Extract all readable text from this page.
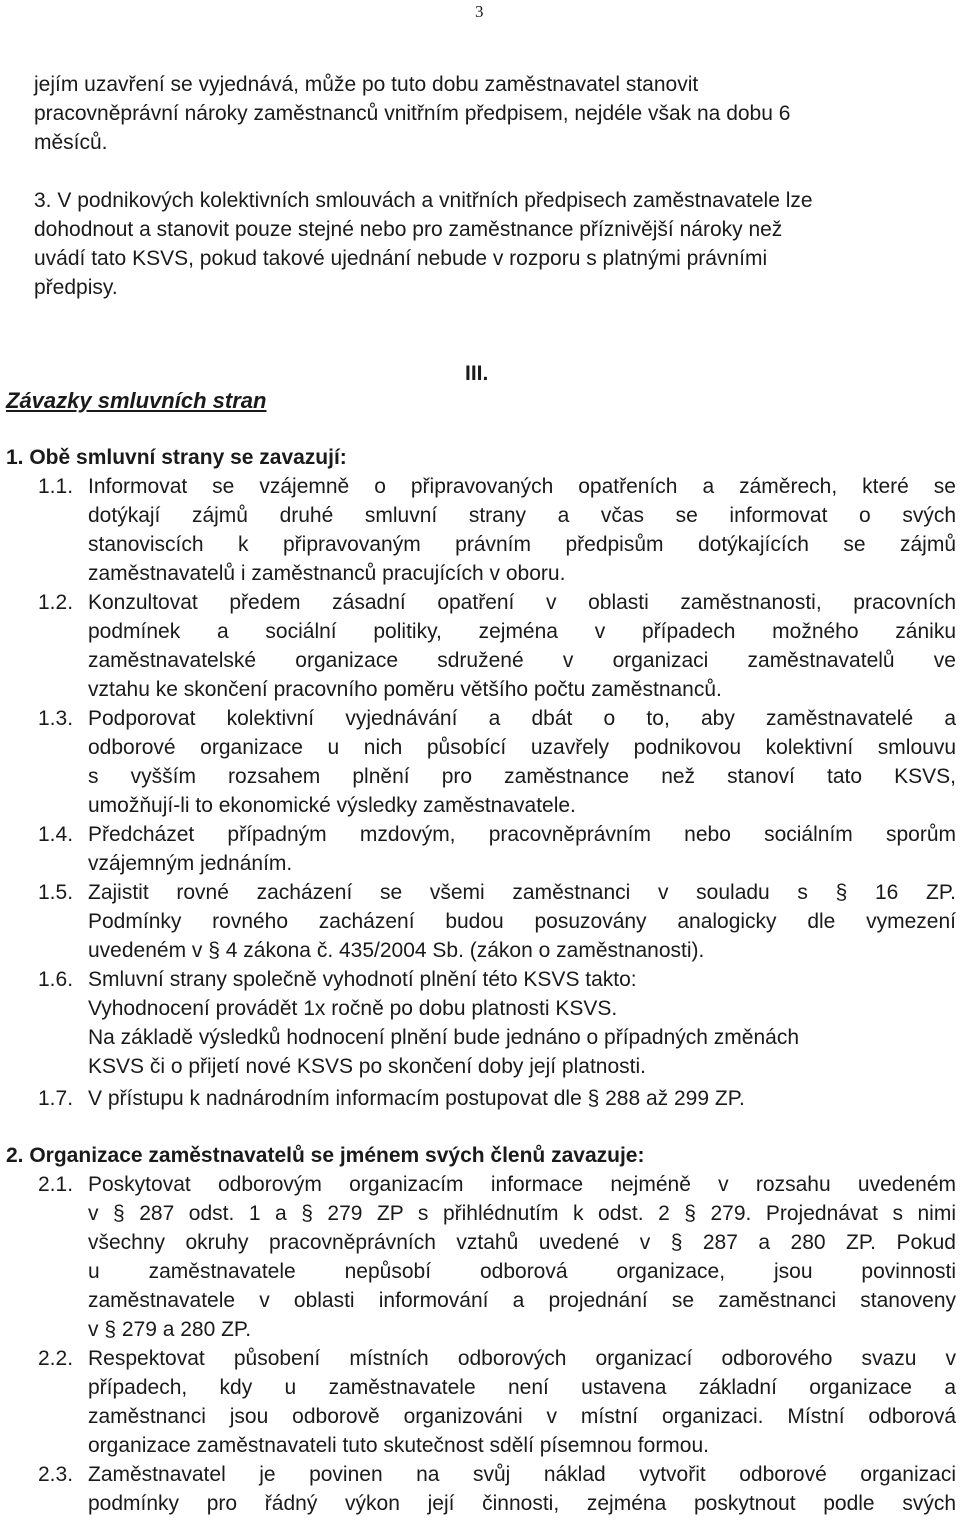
3
jejím uzavření se vyjednává, může po tuto dobu zaměstnavatel stanovit
pracovněprávní nároky zaměstnanců vnitřním předpisem, nejdéle však na dobu 6
měsíců.
3. V podnikových kolektivních smlouvách a vnitřních předpisech zaměstnavatele lze
dohodnout a stanovit pouze stejné nebo pro zaměstnance příznivější nároky než
uvádí tato KSVS, pokud takové ujednání nebude v rozporu s platnými právními
předpisy.
III.
Závazky smluvních stran
1. Obě smluvní strany se zavazují:
1.1. Informovat se vzájemně o připravovaných opatřeních a záměrech, které se
dotýkají zájmů druhé smluvní strany a včas se informovat o svých
stanoviscích k připravovaným právním předpisům dotýkajících se zájmů
zaměstnavatelů i zaměstnanců pracujících v oboru.
1.2. Konzultovat předem zásadní opatření v oblasti zaměstnanosti, pracovních
podmínek a sociální politiky, zejména v případech možného zániku
zaměstnavatelské organizace sdružené v organizaci zaměstnavatelů ve
vztahu ke skončení pracovního poměru většího počtu zaměstnanců.
1.3. Podporovat kolektivní vyjednávání a dbát o to, aby zaměstnavatelé a
odborové organizace u nich působící uzavřely podnikovou kolektivní smlouvu
s vyšším rozsahem plnění pro zaměstnance než stanoví tato KSVS,
umožňují-li to ekonomické výsledky zaměstnavatele.
1.4. Předcházet případným mzdovým, pracovněprávním nebo sociálním sporům
vzájemným jednáním.
1.5. Zajistit rovné zacházení se všemi zaměstnanci v souladu s § 16 ZP.
Podmínky rovného zacházení budou posuzovány analogicky dle vymezení
uvedeném v § 4 zákona č. 435/2004 Sb. (zákon o zaměstnanosti).
1.6. Smluvní strany společně vyhodnotí plnění této KSVS takto:
Vyhodnocení provádět 1x ročně po dobu platnosti KSVS.
Na základě výsledků hodnocení plnění bude jednáno o případných změnách
KSVS či o přijetí nové KSVS po skončení doby její platnosti.
1.7. V přístupu k nadnárodním informacím postupovat dle § 288 až 299 ZP.
2. Organizace zaměstnavatelů se jménem svých členů zavazuje:
2.1. Poskytovat odborovým organizacím informace nejméně v rozsahu uvedeném
v § 287 odst. 1 a § 279 ZP s přihlédnutím k odst. 2 § 279. Projednávat s nimi
všechny okruhy pracovněprávních vztahů uvedené v § 287 a 280 ZP. Pokud
u zaměstnavatele nepůsobí odborová organizace, jsou povinnosti
zaměstnavatele v oblasti informování a projednání se zaměstnanci stanoveny
v § 279 a 280 ZP.
2.2. Respektovat působení místních odborových organizací odborového svazu v
případech, kdy u zaměstnavatele není ustavena základní organizace a
zaměstnanci jsou odborově organizováni v místní organizaci. Místní odborová
organizace zaměstnavateli tuto skutečnost sdělí písemnou formou.
2.3. Zaměstnavatel je povinen na svůj náklad vytvořit odborové organizaci
podmínky pro řádný výkon její činnosti, zejména poskytnout podle svých
